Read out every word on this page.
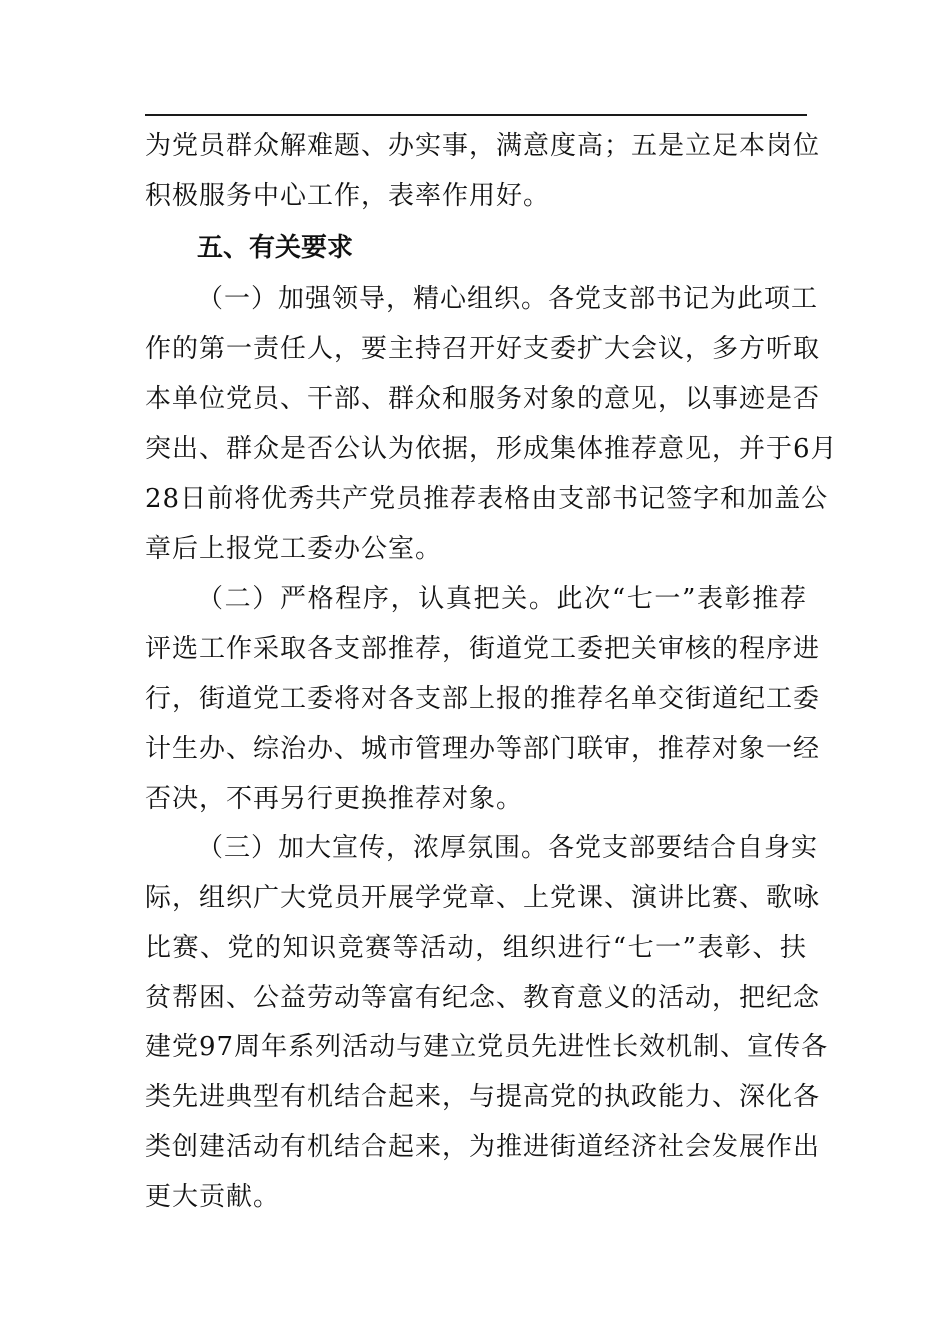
为党员群众解难题、办实事，满意度高；五是立足本岗位
积极服务中心工作，表率作用好。
五、有关要求
（一）加强领导，精心组织。各党支部书记为此项工
作的第一责任人，要主持召开好支委扩大会议，多方听取
本单位党员、干部、群众和服务对象的意见，以事迹是否
突出、群众是否公认为依据，形成集体推荐意见，并于6月
28日前将优秀共产党员推荐表格由支部书记签字和加盖公
章后上报党工委办公室。
（二）严格程序，认真把关。此次“七一”表彰推荐
评选工作采取各支部推荐，街道党工委把关审核的程序进
行，街道党工委将对各支部上报的推荐名单交街道纪工委
计生办、综治办、城市管理办等部门联审，推荐对象一经
否决，不再另行更换推荐对象。
（三）加大宣传，浓厚氛围。各党支部要结合自身实
际，组织广大党员开展学党章、上党课、演讲比赛、歌咏
比赛、党的知识竞赛等活动，组织进行“七一”表彰、扶
贫帮困、公益劳动等富有纪念、教育意义的活动，把纪念
建党97周年系列活动与建立党员先进性长效机制、宣传各
类先进典型有机结合起来，与提高党的执政能力、深化各
类创建活动有机结合起来，为推进街道经济社会发展作出
更大贡献。
